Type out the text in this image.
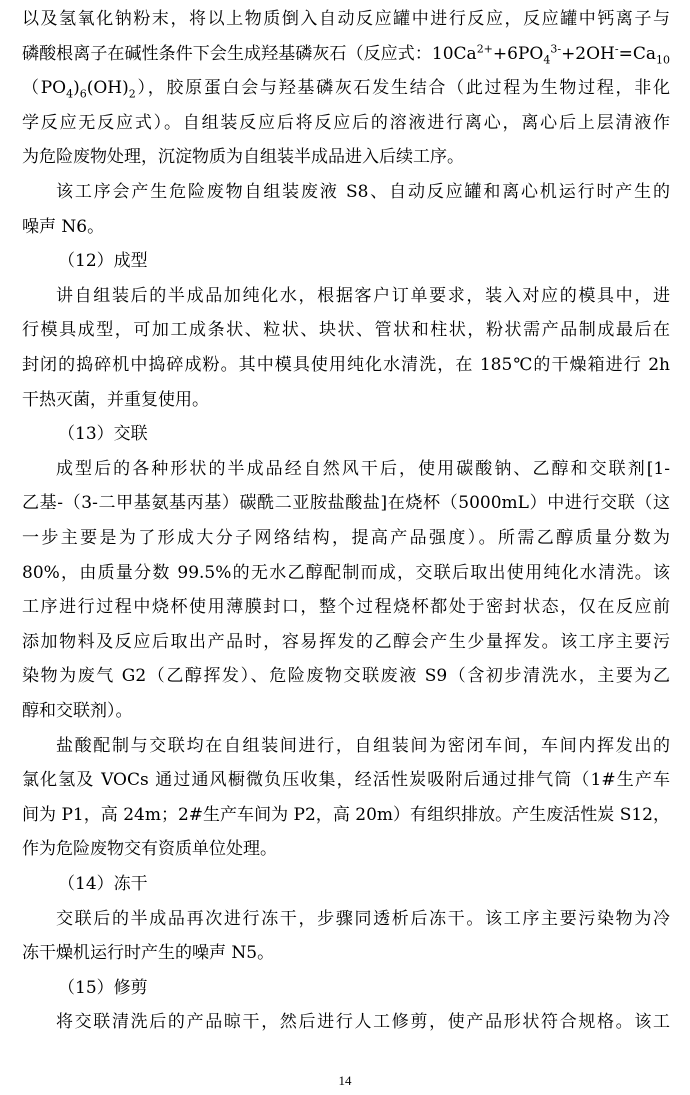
以及氢氧化钠粉末，将以上物质倒入自动反应罐中进行反应，反应罐中钙离子与
磷酸根离子在碱性条件下会生成羟基磷灰石（反应式：$10Ca^{2+}+6PO_4^{3-}+2OH^-=Ca_{10}$
$(PO_4)_6(OH)_2$），胶原蛋白会与羟基磷灰石发生结合（此过程为生物过程，非化
学反应无反应式）。自组装反应后将反应后的溶液进行离心，离心后上层清液作
为危险废物处理，沉淀物质为自组装半成品进入后续工序。
该工序会产生危险废物自组装废液 S8、自动反应罐和离心机运行时产生的
噪声 N6。
（12）成型
讲自组装后的半成品加纯化水，根据客户订单要求，装入对应的模具中，进
行模具成型，可加工成条状、粒状、块状、管状和柱状，粉状需产品制成最后在
封闭的捣碎机中捣碎成粉。其中模具使用纯化水清洗，在 185℃的干燥箱进行 2h
干热灭菌，并重复使用。
（13）交联
成型后的各种形状的半成品经自然风干后，使用碳酸钠、乙醇和交联剂[1-
乙基-（3-二甲基氨基丙基）碳酰二亚胺盐酸盐]在烧杯（5000mL）中进行交联（这
一步主要是为了形成大分子网络结构，提高产品强度）。所需乙醇质量分数为
80%，由质量分数 99.5%的无水乙醇配制而成，交联后取出使用纯化水清洗。该
工序进行过程中烧杯使用薄膜封口，整个过程烧杯都处于密封状态，仅在反应前
添加物料及反应后取出产品时，容易挥发的乙醇会产生少量挥发。该工序主要污
染物为废气 G2（乙醇挥发）、危险废物交联废液 S9（含初步清洗水，主要为乙
醇和交联剂）。
盐酸配制与交联均在自组装间进行，自组装间为密闭车间，车间内挥发出的
氯化氢及 VOCs 通过通风橱微负压收集，经活性炭吸附后通过排气筒（1#生产车
间为 P1，高 24m；2#生产车间为 P2，高 20m）有组织排放。产生废活性炭 S12，
作为危险废物交有资质单位处理。
（14）冻干
交联后的半成品再次进行冻干，步骤同透析后冻干。该工序主要污染物为冷
冻干燥机运行时产生的噪声 N5。
（15）修剪
将交联清洗后的产品晾干，然后进行人工修剪，使产品形状符合规格。该工
14
